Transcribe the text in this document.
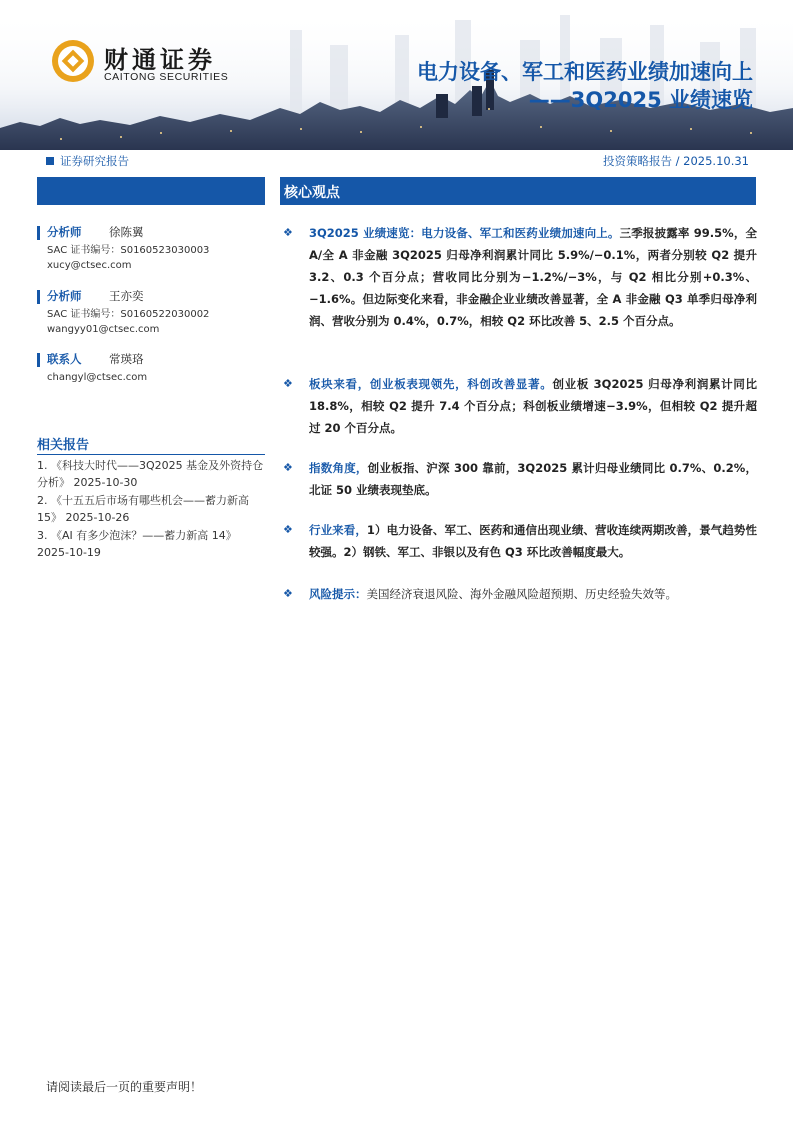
财通证券
CAITONG SECURITIES	电力设备、军工和医药业绩加速向上
——3Q2025 业绩速览
证券研究报告	投资策略报告 / 2025.10.31
分析师 徐陈翼
SAC 证书编号：S0160523030003
xucy@ctsec.com
分析师 王亦奕
SAC 证书编号：S0160522030002
wangyy01@ctsec.com
联系人 常瑛珞
changyl@ctsec.com
相关报告
1. 《科技大时代——3Q2025 基金及外资持仓分析》 2025-10-30
2. 《十五五后市场有哪些机会——蓄力新高 15》 2025-10-26
3. 《AI 有多少泡沫？——蓄力新高 14》 2025-10-19
核心观点
❖ 3Q2025 业绩速览：电力设备、军工和医药业绩加速向上。三季报披露率 99.5%，全 A/全 A 非金融 3Q2025 归母净利润累计同比 5.9%/−0.1%，两者分别较 Q2 提升 3.2、0.3 个百分点；营收同比分别为−1.2%/−3%，与 Q2 相比分别+0.3%、−1.6%。但边际变化来看，非金融企业业绩改善显著，全 A 非金融 Q3 单季归母净利润、营收分别为 0.4%，0.7%，相较 Q2 环比改善 5、2.5 个百分点。
❖ 板块来看，创业板表现领先，科创改善显著。创业板 3Q2025 归母净利润累计同比 18.8%，相较 Q2 提升 7.4 个百分点；科创板业绩增速−3.9%，但相较 Q2 提升超过 20 个百分点。
❖ 指数角度，创业板指、沪深 300 靠前，3Q2025 累计归母业绩同比 0.7%、0.2%，北证 50 业绩表现垫底。
❖ 行业来看，1）电力设备、军工、医药和通信出现业绩、营收连续两期改善，景气趋势性较强。2）钢铁、军工、非银以及有色 Q3 环比改善幅度最大。
❖ 风险提示：美国经济衰退风险、海外金融风险超预期、历史经验失效等。
请阅读最后一页的重要声明！
